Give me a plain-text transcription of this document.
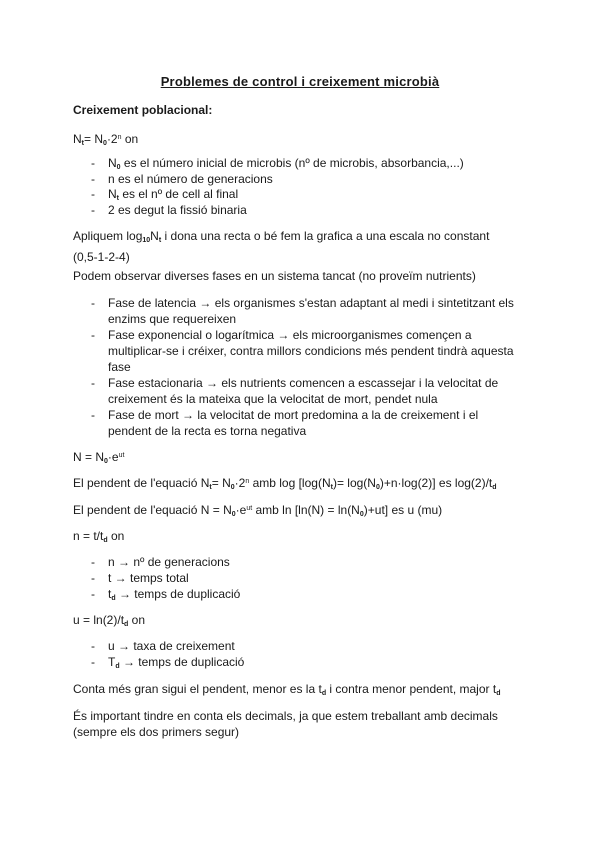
Problemes de control i creixement microbià
Creixement poblacional:
$N_t= N_0\cdot 2^n$ on
- $N_0$ es el número inicial de microbis (nº de microbis, absorbancia,...)
- n es el número de generacions
- $N_t$ es el nº de cell al final
- 2 es degut la fissió binaria
Apliquem $\log_{10}N_t$ i dona una recta o bé fem la grafica a una escala no constant
(0,5-1-2-4)
Podem observar diverses fases en un sistema tancat (no proveïm nutrients)
- Fase de latencia → els organismes s'estan adaptant al medi i sintetitzant els
enzims que requereixen
- Fase exponencial o logarítmica → els microorganismes començen a
multiplicar-se i créixer, contra millors condicions més pendent tindrà aquesta
fase
- Fase estacionaria → els nutrients comencen a escassejar i la velocitat de
creixement és la mateixa que la velocitat de mort, pendet nula
- Fase de mort → la velocitat de mort predomina a la de creixement i el
pendent de la recta es torna negativa
$N = N_0\cdot e^{ut}$
El pendent de l'equació $N_t= N_0\cdot 2^n$ amb $\log [\log(N_t)= \log(N_0)+n\cdot\log(2)]$ es $\log(2)/t_d$
El pendent de l'equació $N = N_0\cdot e^{ut}$ amb $\ln [\ln(N) = \ln(N_0)+ut]$ es u (mu)
$n = t/t_d$ on
- n → nº de generacions
- t → temps total
- $t_d$ → temps de duplicació
$u = \ln(2)/t_d$ on
- u → taxa de creixement
- $T_d$ → temps de duplicació
Conta més gran sigui el pendent, menor es la $t_d$ i contra menor pendent, major $t_d$
És important tindre en conta els decimals, ja que estem treballant amb decimals
(sempre els dos primers segur)
